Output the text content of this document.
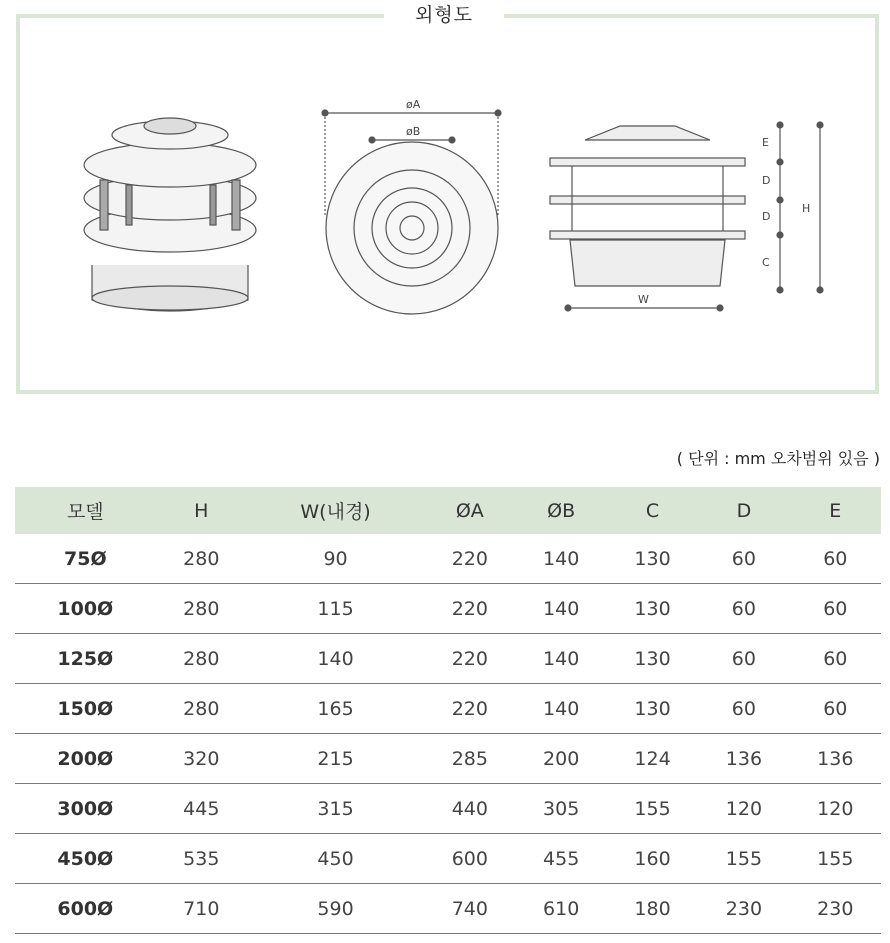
외형도
øA
øB
E
D
D
C
H
W
( 단위 : mm 오차범위 있음 )
모델	H	W(내경)	ØA	ØB	C	D	E
75Ø	280	90	220	140	130	60	60
100Ø	280	115	220	140	130	60	60
125Ø	280	140	220	140	130	60	60
150Ø	280	165	220	140	130	60	60
200Ø	320	215	285	200	124	136	136
300Ø	445	315	440	305	155	120	120
450Ø	535	450	600	455	160	155	155
600Ø	710	590	740	610	180	230	230
